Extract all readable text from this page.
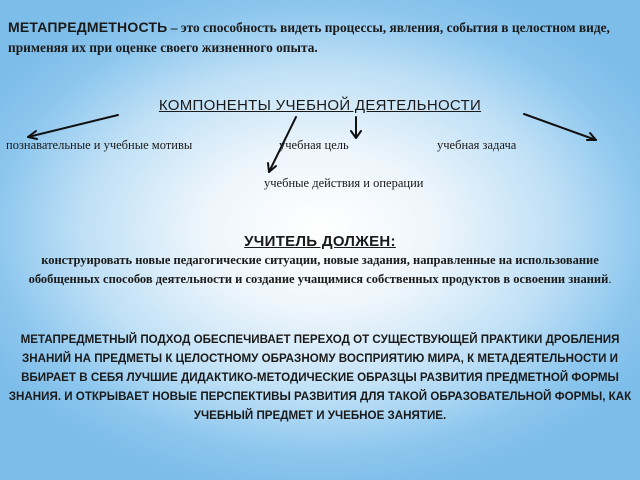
МЕТАПРЕДМЕТНОСТЬ – это способность видеть процессы, явления, события в целостном виде, применяя их при оценке своего жизненного опыта.
КОМПОНЕНТЫ УЧЕБНОЙ ДЕЯТЕЛЬНОСТИ
познавательные и учебные мотивы	учебная цель	учебная задача
учебные действия и операции
УЧИТЕЛЬ ДОЛЖЕН:
конструировать новые педагогические ситуации, новые задания, направленные на использование обобщенных способов деятельности и создание учащимися собственных продуктов в освоении знаний.
МЕТАПРЕДМЕТНЫЙ ПОДХОД ОБЕСПЕЧИВАЕТ ПЕРЕХОД ОТ СУЩЕСТВУЮЩЕЙ ПРАКТИКИ ДРОБЛЕНИЯ ЗНАНИЙ НА ПРЕДМЕТЫ К ЦЕЛОСТНОМУ ОБРАЗНОМУ ВОСПРИЯТИЮ МИРА, К МЕТАДЕЯТЕЛЬНОСТИ И ВБИРАЕТ В СЕБЯ ЛУЧШИЕ ДИДАКТИКО-МЕТОДИЧЕСКИЕ ОБРАЗЦЫ РАЗВИТИЯ ПРЕДМЕТНОЙ ФОРМЫ ЗНАНИЯ. И ОТКРЫВАЕТ НОВЫЕ ПЕРСПЕКТИВЫ РАЗВИТИЯ ДЛЯ ТАКОЙ ОБРАЗОВАТЕЛЬНОЙ ФОРМЫ, КАК УЧЕБНЫЙ ПРЕДМЕТ И УЧЕБНОЕ ЗАНЯТИЕ.
